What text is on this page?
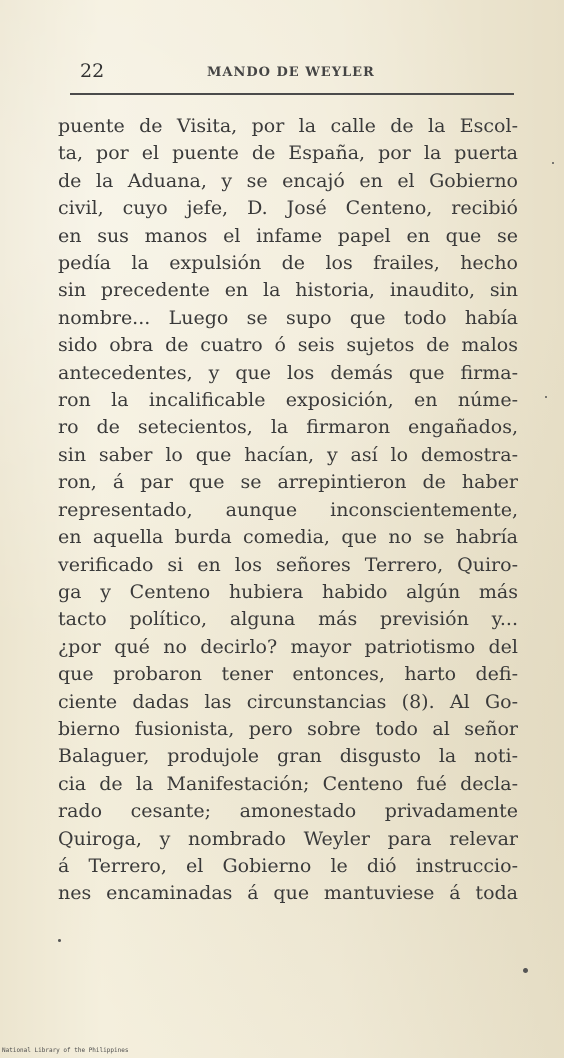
22	MANDO DE WEYLER
puente de Visita, por la calle de la Escol-
ta, por el puente de España, por la puerta
de la Aduana, y se encajó en el Gobierno
civil, cuyo jefe, D. José Centeno, recibió
en sus manos el infame papel en que se
pedía la expulsión de los frailes, hecho
sin precedente en la historia, inaudito, sin
nombre... Luego se supo que todo había
sido obra de cuatro ó seis sujetos de malos
antecedentes, y que los demás que firma-
ron la incalificable exposición, en núme-
ro de setecientos, la firmaron engañados,
sin saber lo que hacían, y así lo demostra-
ron, á par que se arrepintieron de haber
representado, aunque inconscientemente,
en aquella burda comedia, que no se habría
verificado si en los señores Terrero, Quiro-
ga y Centeno hubiera habido algún más
tacto político, alguna más previsión y...
¿por qué no decirlo? mayor patriotismo del
que probaron tener entonces, harto defi-
ciente dadas las circunstancias (8). Al Go-
bierno fusionista, pero sobre todo al señor
Balaguer, produjole gran disgusto la noti-
cia de la Manifestación; Centeno fué decla-
rado cesante; amonestado privadamente
Quiroga, y nombrado Weyler para relevar
á Terrero, el Gobierno le dió instruccio-
nes encaminadas á que mantuviese á toda
National Library of the Philippines
